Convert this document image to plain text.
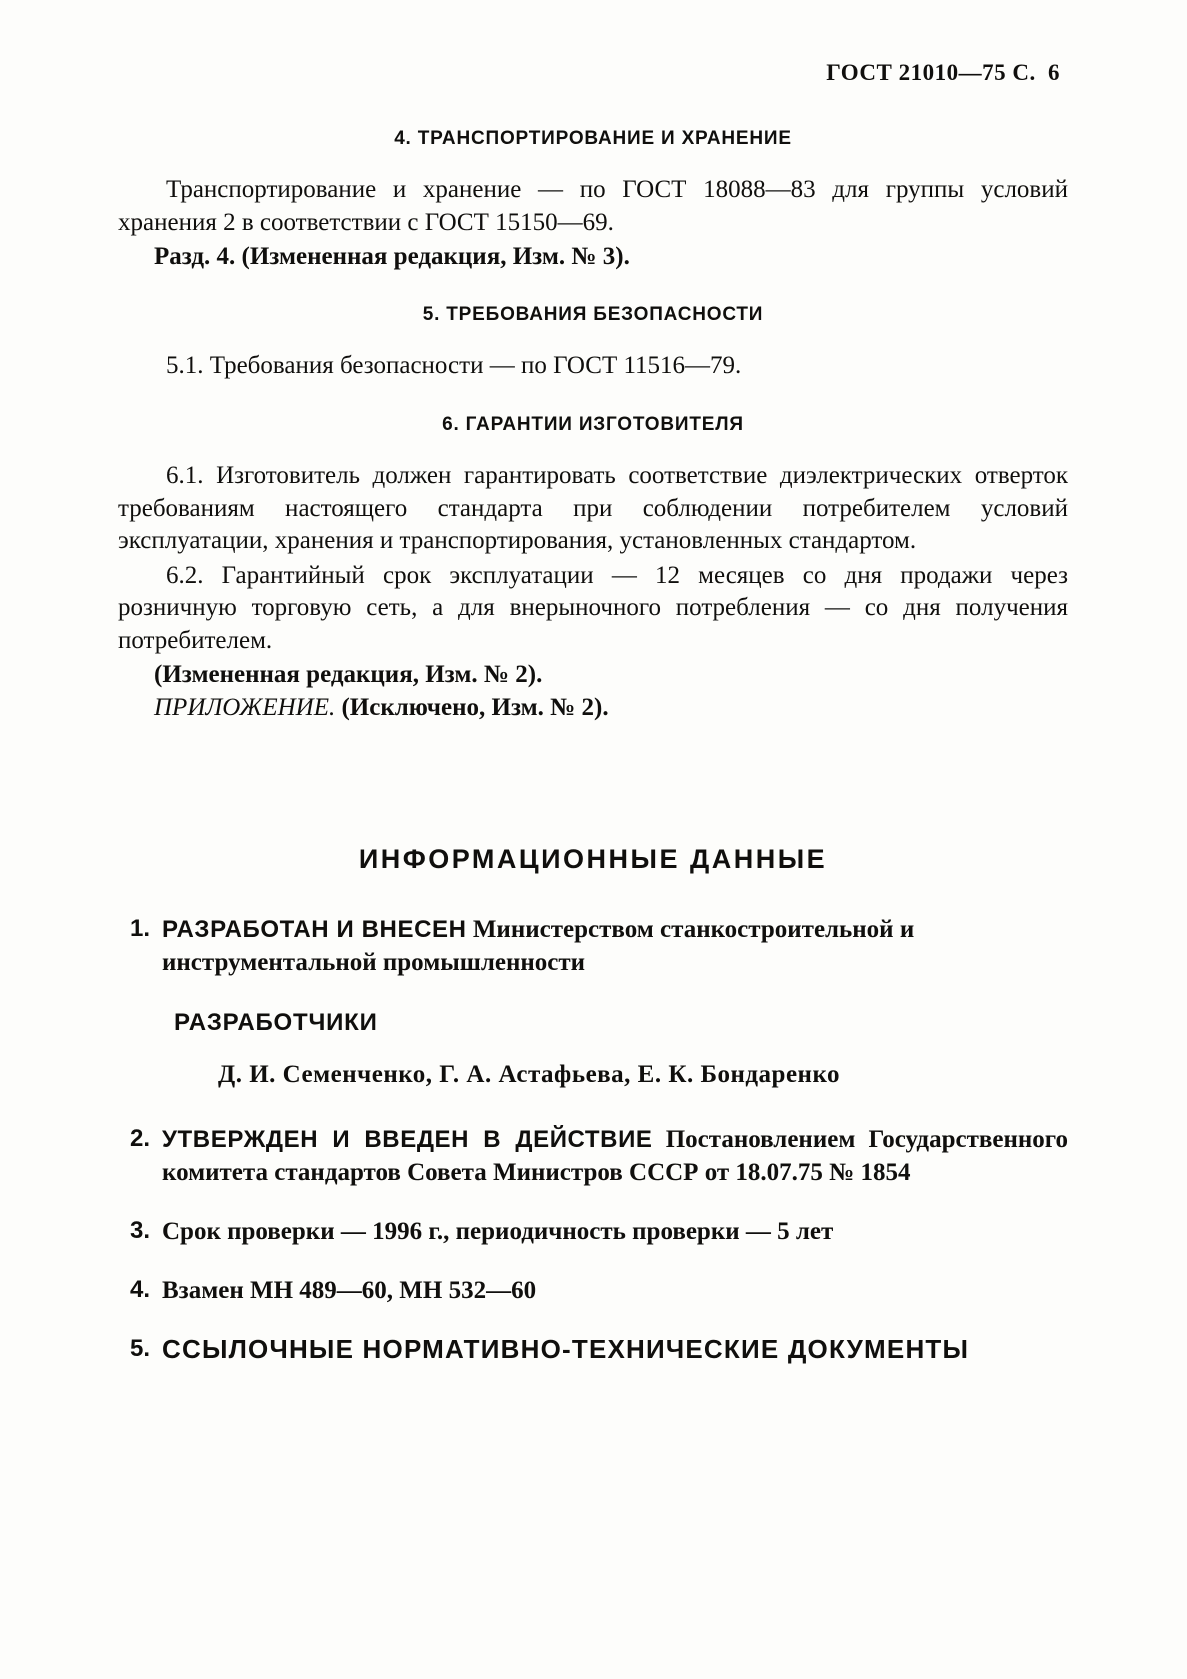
ГОСТ 21010—75 С. 6
4. ТРАНСПОРТИРОВАНИЕ И ХРАНЕНИЕ

Транспортирование и хранение — по ГОСТ 18088—83 для группы условий хранения 2 в соответствии с ГОСТ 15150—69.

Разд. 4. (Измененная редакция, Изм. № 3).

5. ТРЕБОВАНИЯ БЕЗОПАСНОСТИ

5.1. Требования безопасности — по ГОСТ 11516—79.

6. ГАРАНТИИ ИЗГОТОВИТЕЛЯ

6.1. Изготовитель должен гарантировать соответствие диэлектрических отверток требованиям настоящего стандарта при соблюдении потребителем условий эксплуатации, хранения и транспортирования, установленных стандартом.

6.2. Гарантийный срок эксплуатации — 12 месяцев со дня продажи через розничную торговую сеть, а для внерыночного потребления — со дня получения потребителем.

(Измененная редакция, Изм. № 2).

ПРИЛОЖЕНИЕ. (Исключено, Изм. № 2).

ИНФОРМАЦИОННЫЕ ДАННЫЕ
1. РАЗРАБОТАН И ВНЕСЕН Министерством станкостроительной и инструментальной промышленности
РАЗРАБОТЧИКИ
Д. И. Семенченко, Г. А. Астафьева, Е. К. Бондаренко
2. УТВЕРЖДЕН И ВВЕДЕН В ДЕЙСТВИЕ Постановлением Государственного комитета стандартов Совета Министров СССР от 18.07.75 № 1854
3. Срок проверки — 1996 г., периодичность проверки — 5 лет
4. Взамен МН 489—60, МН 532—60
5. ССЫЛОЧНЫЕ НОРМАТИВНО-ТЕХНИЧЕСКИЕ ДОКУМЕНТЫ
